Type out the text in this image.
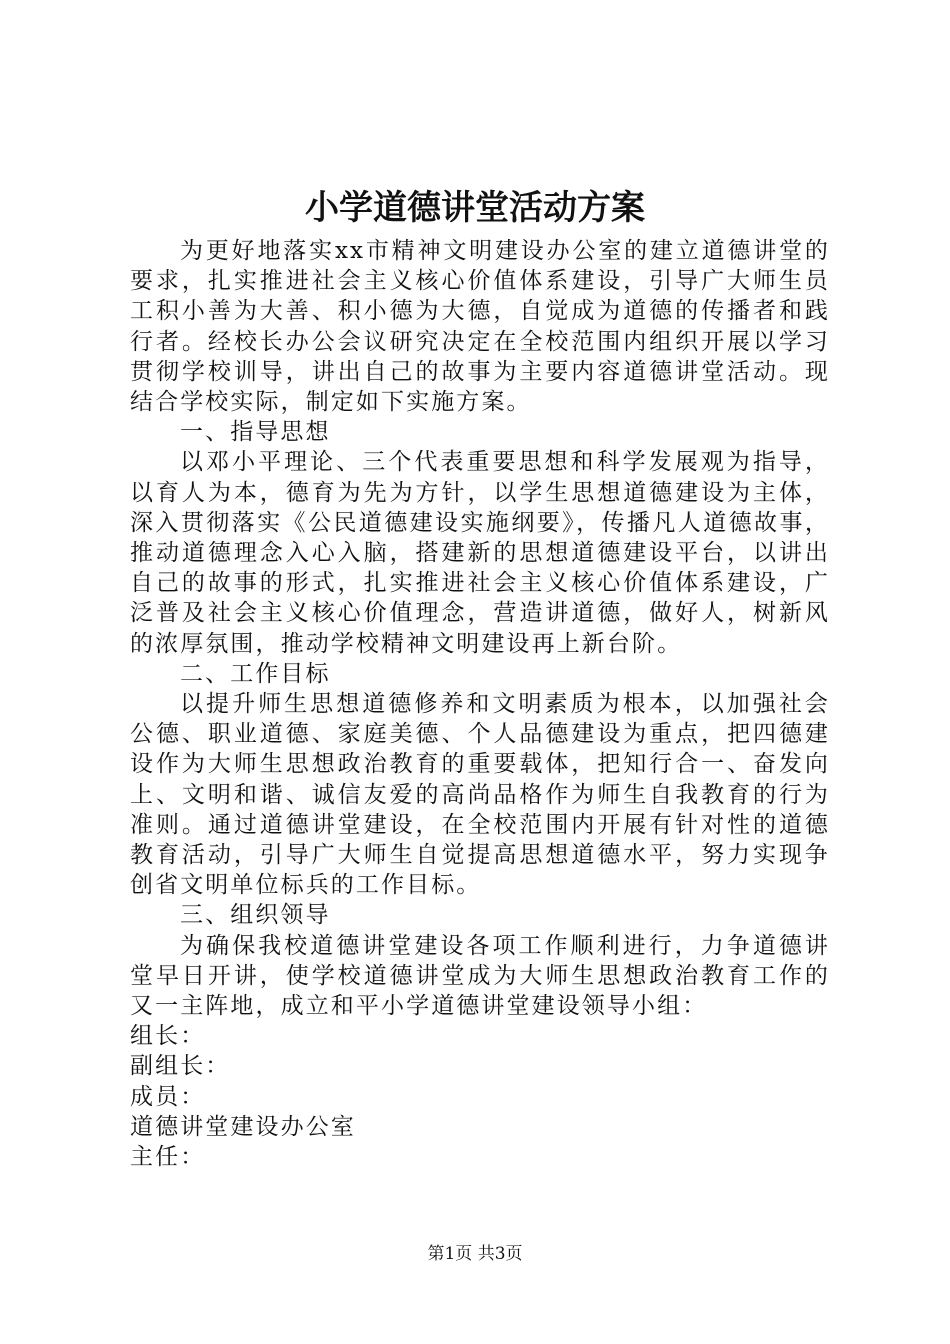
小学道德讲堂活动方案

为更好地落实xx市精神文明建设办公室的建立道德讲堂的要求，扎实推进社会主义核心价值体系建设，引导广大师生员工积小善为大善、积小德为大德，自觉成为道德的传播者和践行者。经校长办公会议研究决定在全校范围内组织开展以学习贯彻学校训导，讲出自己的故事为主要内容道德讲堂活动。现结合学校实际，制定如下实施方案。

一、指导思想

以邓小平理论、三个代表重要思想和科学发展观为指导，以育人为本，德育为先为方针，以学生思想道德建设为主体，深入贯彻落实《公民道德建设实施纲要》，传播凡人道德故事，推动道德理念入心入脑，搭建新的思想道德建设平台，以讲出自己的故事的形式，扎实推进社会主义核心价值体系建设，广泛普及社会主义核心价值理念，营造讲道德，做好人，树新风的浓厚氛围，推动学校精神文明建设再上新台阶。

二、工作目标

以提升师生思想道德修养和文明素质为根本，以加强社会公德、职业道德、家庭美德、个人品德建设为重点，把四德建设作为大师生思想政治教育的重要载体，把知行合一、奋发向上、文明和谐、诚信友爱的高尚品格作为师生自我教育的行为准则。通过道德讲堂建设，在全校范围内开展有针对性的道德教育活动，引导广大师生自觉提高思想道德水平，努力实现争创省文明单位标兵的工作目标。

三、组织领导

为确保我校道德讲堂建设各项工作顺利进行，力争道德讲堂早日开讲，使学校道德讲堂成为大师生思想政治教育工作的又一主阵地，成立和平小学道德讲堂建设领导小组：

组长：

副组长：

成员：

道德讲堂建设办公室

主任：

第1页 共3页
